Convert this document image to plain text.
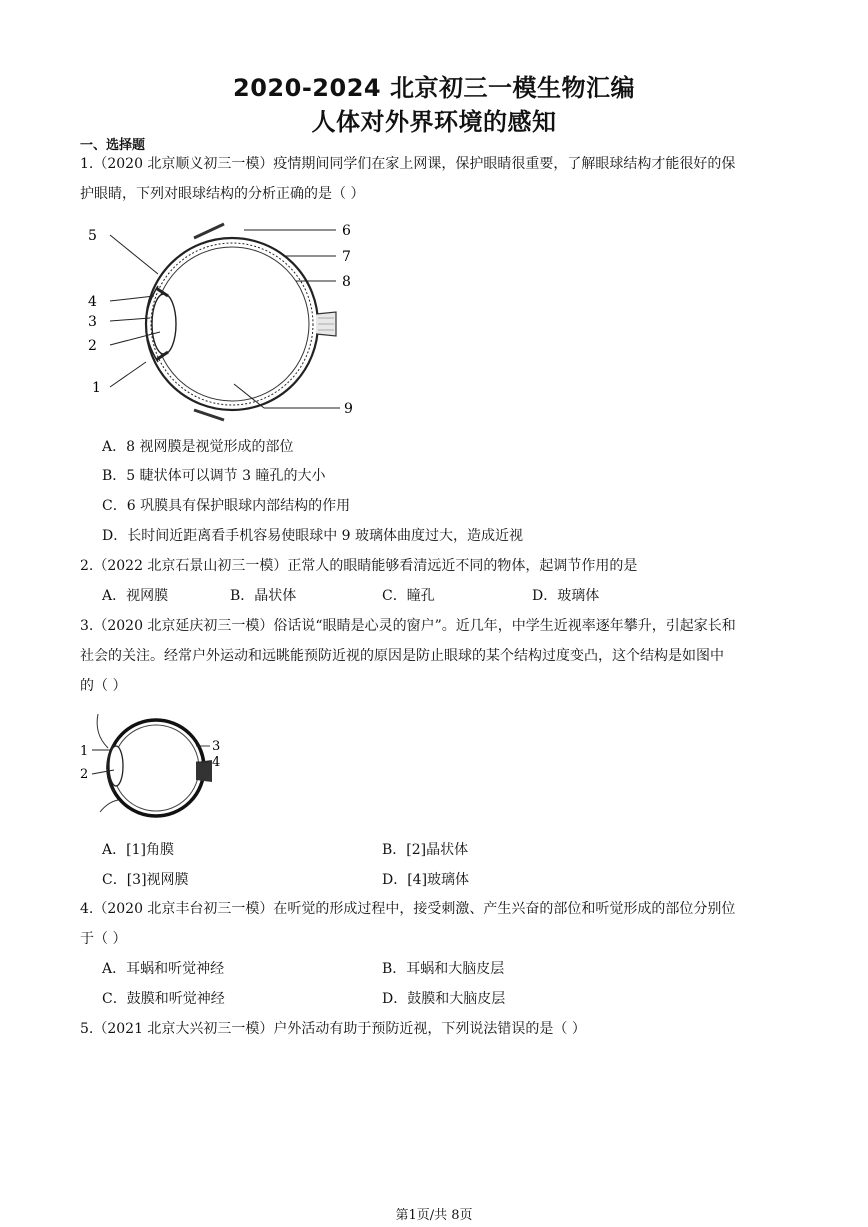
2020-2024 北京初三一模生物汇编
人体对外界环境的感知
一、选择题
1.（2020 北京顺义初三一模）疫情期间同学们在家上网课，保护眼睛很重要，了解眼球结构才能很好的保
护眼睛，下列对眼球结构的分析正确的是（ ）
5
4
3
2
1
6
7
8
9
A．8 视网膜是视觉形成的部位
B．5 睫状体可以调节 3 瞳孔的大小
C．6 巩膜具有保护眼球内部结构的作用
D．长时间近距离看手机容易使眼球中 9 玻璃体曲度过大，造成近视
2.（2022 北京石景山初三一模）正常人的眼睛能够看清远近不同的物体，起调节作用的是
A．视网膜	B．晶状体	C．瞳孔	D．玻璃体
3.（2020 北京延庆初三一模）俗话说“眼睛是心灵的窗户”。近几年，中学生近视率逐年攀升，引起家长和
社会的关注。经常户外运动和远眺能预防近视的原因是防止眼球的某个结构过度变凸，这个结构是如图中
的（ ）
1
2
3
4
A．[1]角膜	B．[2]晶状体
C．[3]视网膜	D．[4]玻璃体
4.（2020 北京丰台初三一模）在听觉的形成过程中，接受刺激、产生兴奋的部位和听觉形成的部位分别位
于（ ）
A．耳蜗和听觉神经	B．耳蜗和大脑皮层
C．鼓膜和听觉神经	D．鼓膜和大脑皮层
5.（2021 北京大兴初三一模）户外活动有助于预防近视，下列说法错误的是（ ）
第1页/共 8页
